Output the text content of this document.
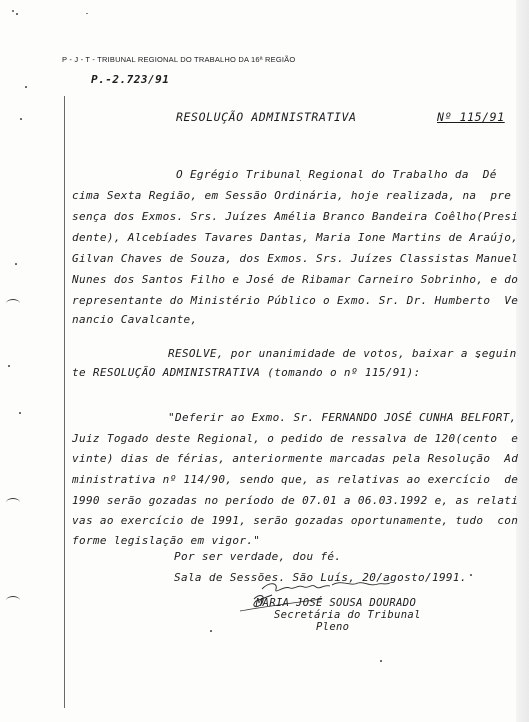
P - J - T - TRIBUNAL REGIONAL DO TRABALHO DA 16ª REGIÃO
P.-2.723/91
RESOLUÇÃO ADMINISTRATIVA	Nº 115/91
O Egrégio Tribunal Regional do Trabalho da  Dé
cima Sexta Região, em Sessão Ordinária, hoje realizada, na  pre
sença dos Exmos. Srs. Juízes Amélia Branco Bandeira Coêlho(Presi
dente), Alcebíades Tavares Dantas, Maria Ione Martins de Araújo,
Gilvan Chaves de Souza, dos Exmos. Srs. Juízes Classistas Manuel
Nunes dos Santos Filho e José de Ribamar Carneiro Sobrinho, e do
representante do Ministério Público o Exmo. Sr. Dr. Humberto  Ve
nancio Cavalcante,
RESOLVE, por unanimidade de votos, baixar a seguin
te RESOLUÇÃO ADMINISTRATIVA (tomando o nº 115/91):
"Deferir ao Exmo. Sr. FERNANDO JOSÉ CUNHA BELFORT,
Juiz Togado deste Regional, o pedido de ressalva de 120(cento  e
vinte) dias de férias, anteriormente marcadas pela Resolução  Ad
ministrativa nº 114/90, sendo que, as relativas ao exercício  de
1990 serão gozadas no período de 07.01 a 06.03.1992 e, as relati
vas ao exercício de 1991, serão gozadas oportunamente, tudo  con
forme legislação em vigor."
Por ser verdade, dou fé.
Sala de Sessões. São Luís, 20/agosto/1991.
MARIA JOSÉ SOUSA DOURADO
Secretária do Tribunal
Pleno
